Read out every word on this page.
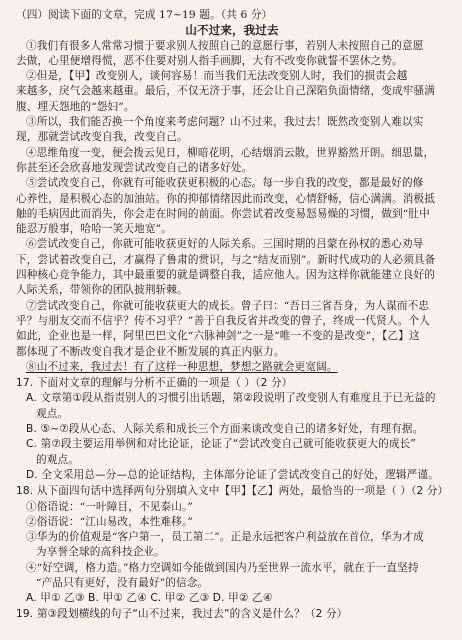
（四）阅读下面的文章，完成 17~19 题。（共 6 分）
山不过来，我过去
①我们有很多人常常习惯于要求别人按照自己的意愿行事，若别人未按照自己的意愿
去做，心里便增得慌，恶不住要对别人指手画脚，大有不改变你就誓不罢休之势。
②但是，【甲】改变别人，谈何容易！而当我们无法改变别人时，我们的损责会越
来越多，戾气会越来越重。最后，不仅无济于事，还会让自己深陷负面情绪，变成牢骚满
腹、埋天怨地的“怨妇”。
③所以，我们能否换一个角度来考虑问题？山不过来，我过去！既然改变别人难以实
现，那就尝试改变自我，改变自己。
④思维角度一变，便会拨云见日，柳暗花明，心结烟消云散，世界豁然开朗。细思量，
你甚至还会欣喜地发现尝试改变自己的诸多好处。
⑤尝试改变自己，你就有可能收获更积极的心态。每一步自我的改变，都是最好的修
心养性，是积极心态的加油站。你的抑郁情绪因此而改变，心情舒畅，信心满满。消极抵
触的毛病因此而消失，你会走在时间的前面。你尝试着改变易怒易燥的习惯，做到“肚中
能忍万般事，哈哈一笑天地宽”。
⑥尝试改变自己，你就可能收获更好的人际关系。三国时期的吕蒙在孙权的悉心劝导
下，尝试着改变自己，才赢得了鲁肃的赏识，与之“结友而别”。新时代成功的人必须具备
四种核心竞争能力，其中最重要的就是调整自我，适应他人。因为这样你就能建立良好的
人际关系，带领你的团队披荆斩棘。
⑦尝试改变自己，你就可能收获更大的成长。曾子曰：“吾日三省吾身，为人谋而不忠
乎？与朋友交而不信乎？传不习乎？”善于自我反省并改变的曾子，终成一代贤人。个人
如此，企业也是一样，阿里巴巴文化“六脉神剑”之一是“唯一不变的是改变”，【乙】这
都体现了不断改变自我才是企业不断发展的真正内驱力。
⑧山不过来，我过去！有了这样一种思想，梦想之路就会更宽阔。
17. 下面对文章的理解与分析不正确的一项是（ ）（2 分）
A. 文章第①段从指责别人的习惯引出话题，第②段说明了改变别人有难度且于已无益的
观点。
B. ⑤~⑦段从心态、人际关系和成长三个方面来谈改变自己的诸多好处，有理有据。
C. 第⑦段主要运用举例和对比论证，论证了“尝试改变自己就可能收获更大的成长”
的观点。
D. 全文采用总—分—总的论证结构，主体部分论证了尝试改变自己的好处，逻辑严谨。
18. 从下面四句话中选择两句分别填入文中【甲】【乙】两处，最恰当的一项是（ ）（2 分）
①俗语说：“一叶障目，不见泰山。”
②俗语说：“江山易改，本性难移。”
③华为的价值观是“客户第一，员工第二”。正是永远把客户利益放在首位，华为才成
为享誉全球的高科技企业。
④“好空调，格力造。”格力空调如今能做到国内乃至世界一流水平，就在于一直坚持
“产品只有更好，没有最好”的信念。
A. 甲① 乙③ B. 甲① 乙④ C. 甲② 乙③ D. 甲② 乙④
19. 第③段划横线的句子“山不过来，我过去”的含义是什么？（2 分）
